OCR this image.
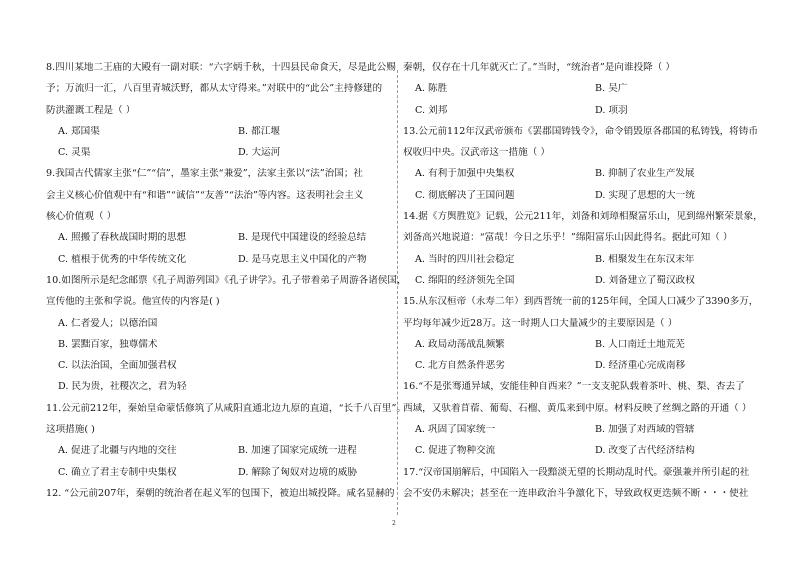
8.四川某地二王庙的大殿有一副对联：“六字炳千秋，十四县民命食天，尽是此公赐
予；万流归一汇，八百里青城沃野，都从太守得来。”对联中的“此公”主持修建的
防洪灌溉工程是（ ）
A. 郑国渠	B. 都江堰
C. 灵渠	D. 大运河
9.我国古代儒家主张“仁”“信”，墨家主张“兼爱”，法家主张以“法”治国；社
会主义核心价值观中有“和谐”“诚信”“友善”“法治”等内容。这表明社会主义
核心价值观（ ）
A. 照搬了春秋战国时期的思想	B. 是现代中国建设的经验总结
C. 植根于优秀的中华传统文化	D. 是马克思主义中国化的产物
10.如图所示是纪念邮票《孔子周游列国》《孔子讲学》。孔子带着弟子周游各诸侯国，
宣传他的主张和学说。他宣传的内容是( )
A. 仁者爱人；以德治国
B. 罢黜百家，独尊儒术
C. 以法治国，全面加强君权
D. 民为贵，社稷次之，君为轻
11.公元前212年，秦始皇命蒙恬修筑了从咸阳直通北边九原的直道，“长千八百里”。
这项措施( )
A. 促进了北疆与内地的交往	B. 加速了国家完成统一进程
C. 确立了君主专制中央集权	D. 解除了匈奴对边境的威胁
12. “公元前207年，秦朝的统治者在起义军的包围下，被迫出城投降。咸名显赫的
秦朝，仅存在十几年就灭亡了。”当时，“统治者”是向谁投降（ ）
A. 陈胜	B. 吴广
C. 刘邦	D. 项羽
13.公元前112年汉武帝颁布《罢郡国铸钱令》，命令销毁原各郡国的私铸钱，将铸币
权收归中央。汉武帝这一措施（ ）
A. 有利于加强中央集权	B. 抑制了农业生产发展
C. 彻底解决了王国问题	D. 实现了思想的大一统
14.据《方舆胜览》记载，公元211年，刘备和刘璋相聚富乐山，见到绵州繁荣景象，
刘备高兴地说道：“富哉！今日之乐乎！”绵阳富乐山因此得名。据此可知（ ）
A. 当时的四川社会稳定	B. 相聚发生在东汉末年
C. 绵阳的经济领先全国	D. 刘备建立了蜀汉政权
15.从东汉桓帝（永寿二年）到西晋统一前的125年间，全国人口减少了3390多万，
平均每年减少近28万。这一时期人口大量减少的主要原因是（ ）
A. 政局动荡战乱频繁	B. 人口南迁土地荒芜
C. 北方自然条件恶劣	D. 经济重心完成南移
16.“不是张骞通异域，安能佳种自西来？”一支支驼队载着茶叶、桃、梨、杏去了
西域，又驮着苜蓿、葡萄、石榴、黄瓜来到中原。材料反映了丝绸之路的开通（ ）
A. 巩固了国家统一	B. 加强了对西域的管辖
C. 促进了物种交流	D. 改变了古代经济结构
17.“汉帝国崩解后，中国陷入一段黯淡无望的长期动乱时代。豪强兼并所引起的社
会不安仍未解决；甚至在一连串政治斗争激化下，导致政权更迭频不断・・・使社
2
